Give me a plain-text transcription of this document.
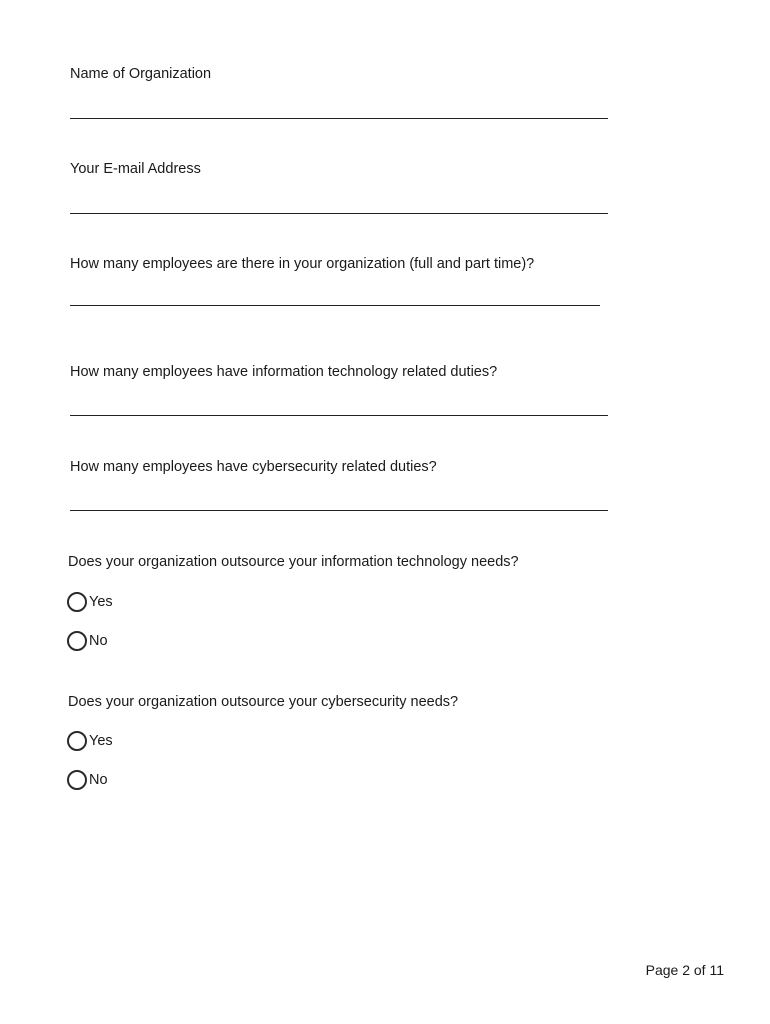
Name of Organization
Your E-mail Address
How many employees are there in your organization (full and part time)?
How many employees have information technology related duties?
How many employees have cybersecurity related duties?
Does your organization outsource your information technology needs?
Yes
No
Does your organization outsource your cybersecurity needs?
Yes
No
Page 2 of 11
